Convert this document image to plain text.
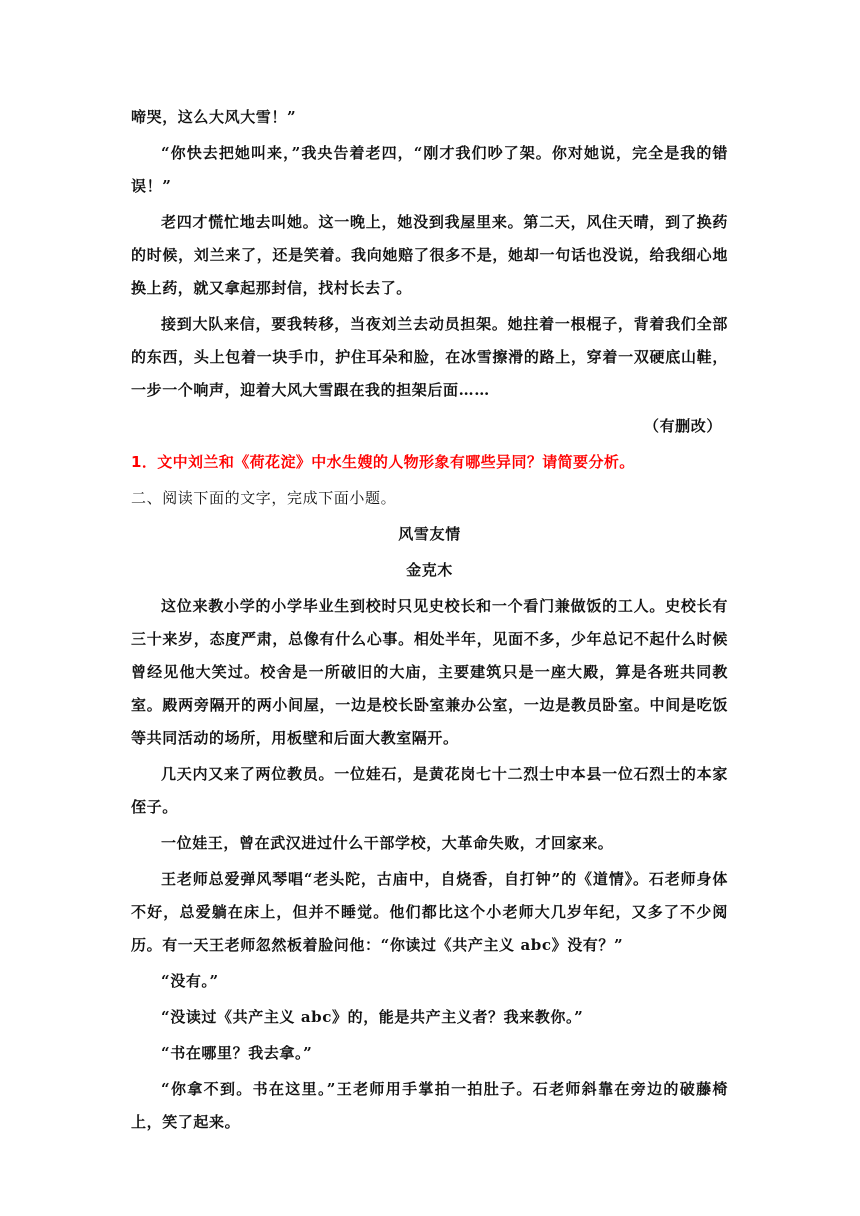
啼哭，这么大风大雪！”

“你快去把她叫来，”我央告着老四，“刚才我们吵了架。你对她说，完全是我的错误！”

老四才慌忙地去叫她。这一晚上，她没到我屋里来。第二天，风住天晴，到了换药的时候，刘兰来了，还是笑着。我向她赔了很多不是，她却一句话也没说，给我细心地换上药，就又拿起那封信，找村长去了。

接到大队来信，要我转移，当夜刘兰去动员担架。她拄着一根棍子，背着我们全部的东西，头上包着一块手巾，护住耳朵和脸，在冰雪擦滑的路上，穿着一双硬底山鞋，一步一个响声，迎着大风大雪跟在我的担架后面……

（有删改）

1．文中刘兰和《荷花淀》中水生嫂的人物形象有哪些异同？请简要分析。

二、阅读下面的文字，完成下面小题。

风雪友情

金克木

这位来教小学的小学毕业生到校时只见史校长和一个看门兼做饭的工人。史校长有三十来岁，态度严肃，总像有什么心事。相处半年，见面不多，少年总记不起什么时候曾经见他大笑过。校舍是一所破旧的大庙，主要建筑只是一座大殿，算是各班共同教室。殿两旁隔开的两小间屋，一边是校长卧室兼办公室，一边是教员卧室。中间是吃饭等共同活动的场所，用板壁和后面大教室隔开。

几天内又来了两位教员。一位娃石，是黄花岗七十二烈士中本县一位石烈士的本家侄子。

一位娃王，曾在武汉进过什么干部学校，大革命失败，才回家来。

王老师总爱弹风琴唱“老头陀，古庙中，自烧香，自打钟”的《道情》。石老师身体不好，总爱躺在床上，但并不睡觉。他们都比这个小老师大几岁年纪，又多了不少阅历。有一天王老师忽然板着脸问他：“你读过《共产主义 abc》没有？”

“没有。”

“没读过《共产主义 abc》的，能是共产主义者？我来教你。”

“书在哪里？我去拿。”

“你拿不到。书在这里。”王老师用手掌拍一拍肚子。石老师斜靠在旁边的破藤椅上，笑了起来。
